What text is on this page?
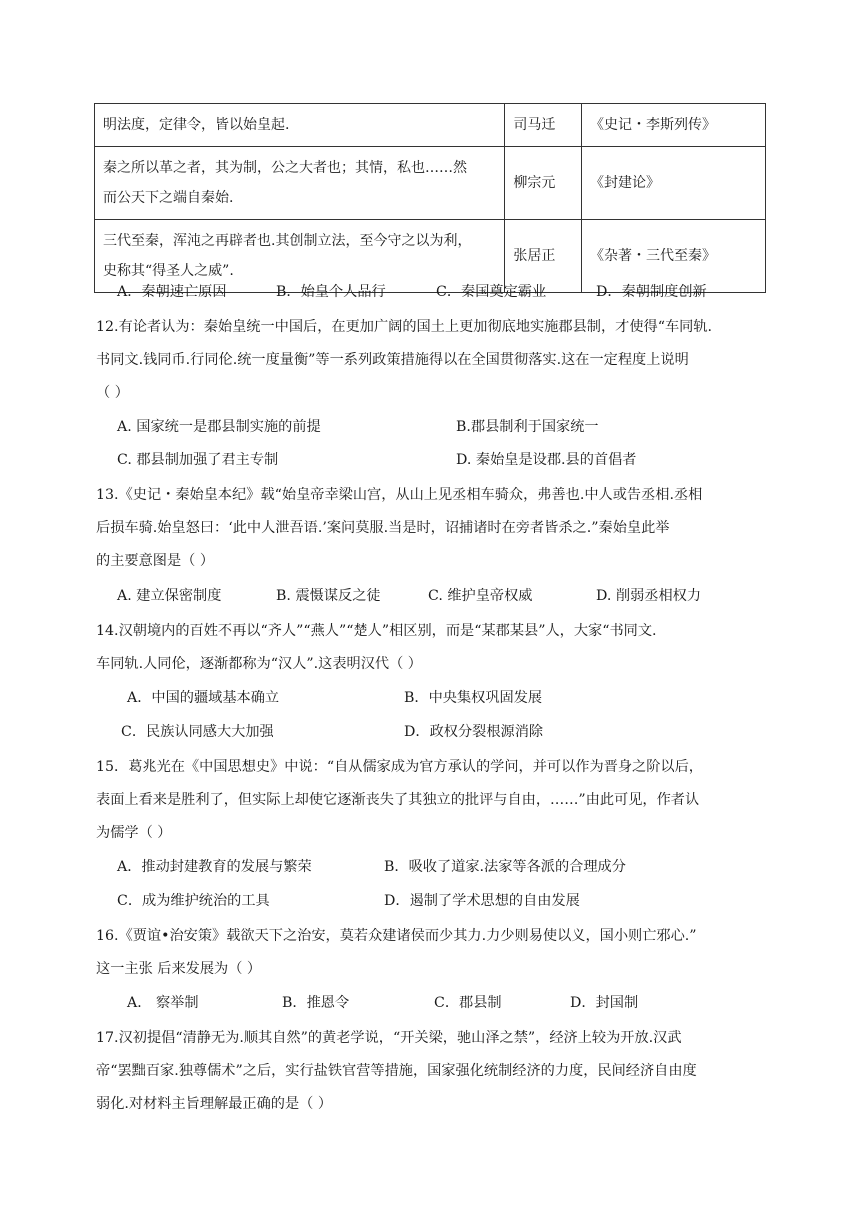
明法度，定律令，皆以始皇起.	司马迁	《史记・李斯列传》
秦之所以革之者，其为制，公之大者也；其情，私也……然
而公天下之端自秦始.	柳宗元	《封建论》
三代至秦，浑沌之再辟者也.其创制立法，至今守之以为利，
史称其“得圣人之威”.	张居正	《杂著・三代至秦》
A．秦朝速亡原因	B．始皇个人品行	C．秦国奠定霸业	D．秦朝制度创新
12.有论者认为：秦始皇统一中国后，在更加广阔的国土上更加彻底地实施郡县制，才使得“车同轨.
书同文.钱同币.行同伦.统一度量衡”等一系列政策措施得以在全国贯彻落实.这在一定程度上说明
（ ）
A. 国家统一是郡县制实施的前提	B.郡县制利于国家统一
C. 郡县制加强了君主专制	D. 秦始皇是设郡.县的首倡者
13.《史记・秦始皇本纪》载“始皇帝幸梁山宫，从山上见丞相车骑众，弗善也.中人或告丞相.丞相
后损车骑.始皇怒曰：‘此中人泄吾语.’案问莫服.当是时，诏捕诸时在旁者皆杀之.”秦始皇此举
的主要意图是（ ）
A. 建立保密制度	B. 震慑谋反之徒	C. 维护皇帝权威	D. 削弱丞相权力
14.汉朝境内的百姓不再以“齐人”“燕人”“楚人”相区别，而是“某郡某县”人，大家“书同文.
车同轨.人同伦，逐渐都称为“汉人”.这表明汉代（ ）
A．中国的疆域基本确立	B．中央集权巩固发展
C．民族认同感大大加强	D．政权分裂根源消除
15．葛兆光在《中国思想史》中说：“自从儒家成为官方承认的学问，并可以作为晋身之阶以后，
表面上看来是胜利了，但实际上却使它逐渐丧失了其独立的批评与自由，……”由此可见，作者认
为儒学（ ）
A．推动封建教育的发展与繁荣	B．吸收了道家.法家等各派的合理成分
C．成为维护统治的工具	D．遏制了学术思想的自由发展
16.《贾谊•治安策》载欲天下之治安，莫若众建诸侯而少其力.力少则易使以义，国小则亡邪心.”
这一主张 后来发展为（ ）
A． 察举制	B．推恩令	C．郡县制	D．封国制
17.汉初提倡“清静无为.顺其自然”的黄老学说，“开关梁，驰山泽之禁”，经济上较为开放.汉武
帝“罢黜百家.独尊儒术”之后，实行盐铁官营等措施，国家强化统制经济的力度，民间经济自由度
弱化.对材料主旨理解最正确的是（ ）
